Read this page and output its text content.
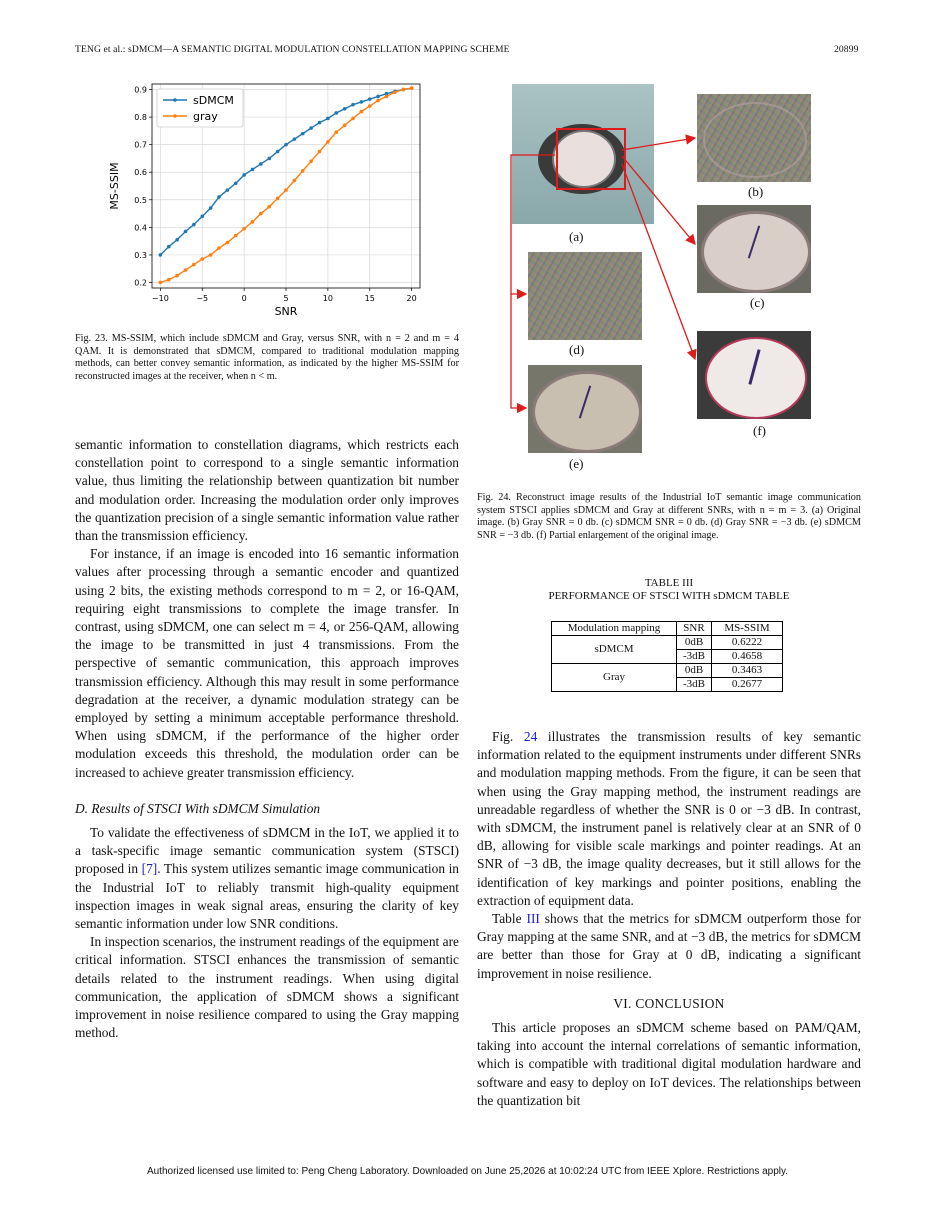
TENG et al.: sDMCM—A SEMANTIC DIGITAL MODULATION CONSTELLATION MAPPING SCHEME	20899
−10	−5	0	5	10	15	20
0.2
0.3
0.4
0.5
0.6
0.7
0.8
0.9
SNR
MS-SSIM
sDMCM
gray
Fig. 23. MS-SSIM, which include sDMCM and Gray, versus SNR, with n = 2 and m = 4 QAM. It is demonstrated that sDMCM, compared to traditional modulation mapping methods, can better convey semantic information, as indicated by the higher MS-SSIM for reconstructed images at the receiver, when n < m.

semantic information to constellation diagrams, which restricts each constellation point to correspond to a single semantic information value, thus limiting the relationship between quantization bit number and modulation order. Increasing the modulation order only improves the quantization precision of a single semantic information value rather than the transmission efficiency.

For instance, if an image is encoded into 16 semantic information values after processing through a semantic encoder and quantized using 2 bits, the existing methods correspond to m = 2, or 16-QAM, requiring eight transmissions to complete the image transfer. In contrast, using sDMCM, one can select m = 4, or 256-QAM, allowing the image to be transmitted in just 4 transmissions. From the perspective of semantic communication, this approach improves transmission efficiency. Although this may result in some performance degradation at the receiver, a dynamic modulation strategy can be employed by setting a minimum acceptable performance threshold. When using sDMCM, if the performance of the higher order modulation exceeds this threshold, the modulation order can be increased to achieve greater transmission efficiency.

D. Results of STSCI With sDMCM Simulation

To validate the effectiveness of sDMCM in the IoT, we applied it to a task-specific image semantic communication system (STSCI) proposed in [7]. This system utilizes semantic image communication in the Industrial IoT to reliably transmit high-quality equipment inspection images in weak signal areas, ensuring the clarity of key semantic information under low SNR conditions.

In inspection scenarios, the instrument readings of the equipment are critical information. STSCI enhances the transmission of semantic details related to the instrument readings. When using digital communication, the application of sDMCM shows a significant improvement in noise resilience compared to using the Gray mapping method.

(a)
(b)
(c)
(d)
(e)
(f)
Fig. 24. Reconstruct image results of the Industrial IoT semantic image communication system STSCI applies sDMCM and Gray at different SNRs, with n = m = 3. (a) Original image. (b) Gray SNR = 0 db. (c) sDMCM SNR = 0 db. (d) Gray SNR = −3 db. (e) sDMCM SNR = −3 db. (f) Partial enlargement of the original image.
TABLE III
PERFORMANCE OF STSCI WITH sDMCM TABLE
Modulation mapping	SNR	MS-SSIM
sDMCM	0dB	0.6222
	-3dB	0.4658
Gray	0dB	0.3463
	-3dB	0.2677

Fig. 24 illustrates the transmission results of key semantic information related to the equipment instruments under different SNRs and modulation mapping methods. From the figure, it can be seen that when using the Gray mapping method, the instrument readings are unreadable regardless of whether the SNR is 0 or −3 dB. In contrast, with sDMCM, the instrument panel is relatively clear at an SNR of 0 dB, allowing for visible scale markings and pointer readings. At an SNR of −3 dB, the image quality decreases, but it still allows for the identification of key markings and pointer positions, enabling the extraction of equipment data.

Table III shows that the metrics for sDMCM outperform those for Gray mapping at the same SNR, and at −3 dB, the metrics for sDMCM are better than those for Gray at 0 dB, indicating a significant improvement in noise resilience.

VI. CONCLUSION

This article proposes an sDMCM scheme based on PAM/QAM, taking into account the internal correlations of semantic information, which is compatible with traditional digital modulation hardware and software and easy to deploy on IoT devices. The relationships between the quantization bit

Authorized licensed use limited to: Peng Cheng Laboratory. Downloaded on June 25,2026 at 10:02:24 UTC from IEEE Xplore. Restrictions apply.
